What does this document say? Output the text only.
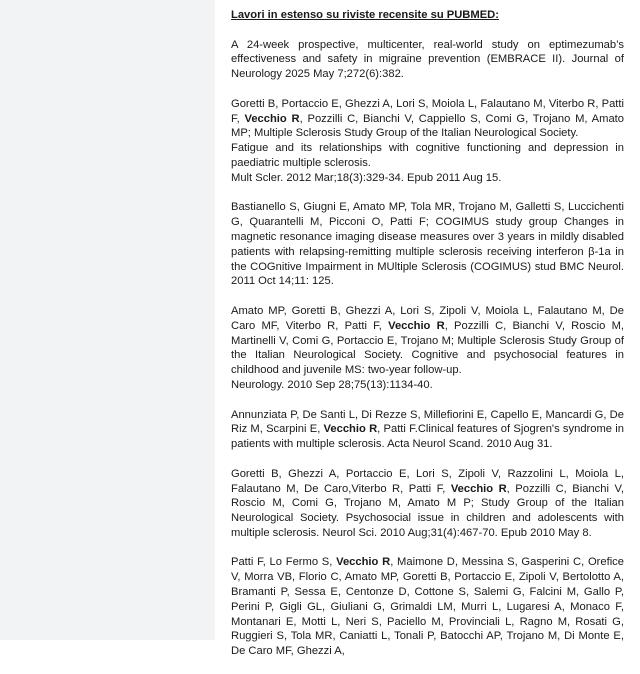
Lavori in estenso su riviste recensite su PUBMED:

A 24-week prospective, multicenter, real-world study on eptimezumab’s effectiveness and safety in migraine prevention (EMBRACE II). Journal of Neurology 2025 May 7;272(6):382.

Goretti B, Portaccio E, Ghezzi A, Lori S, Moiola L, Falautano M, Viterbo R, Patti F, Vecchio R, Pozzilli C, Bianchi V, Cappiello S, Comi G, Trojano M, Amato MP; Multiple Sclerosis Study Group of the Italian Neurological Society.

Fatigue and its relationships with cognitive functioning and depression in paediatric multiple sclerosis.

Mult Scler. 2012 Mar;18(3):329-34. Epub 2011 Aug 15.

Bastianello S, Giugni E, Amato MP, Tola MR, Trojano M, Galletti S, Luccichenti G, Quarantelli M, Picconi O, Patti F; COGIMUS study group Changes in magnetic resonance imaging disease measures over 3 years in mildly disabled patients with relapsing-remitting multiple sclerosis receiving interferon β-1a in the COGnitive Impairment in MUltiple Sclerosis (COGIMUS) stud BMC Neurol. 2011 Oct 14;11: 125.

Amato MP, Goretti B, Ghezzi A, Lori S, Zipoli V, Moiola L, Falautano M, De Caro MF, Viterbo R, Patti F, Vecchio R, Pozzilli C, Bianchi V, Roscio M, Martinelli V, Comi G, Portaccio E, Trojano M; Multiple Sclerosis Study Group of the Italian Neurological Society. Cognitive and psychosocial features in childhood and juvenile MS: two-year follow-up.

Neurology. 2010 Sep 28;75(13):1134-40.

Annunziata P, De Santi L, Di Rezze S, Millefiorini E, Capello E, Mancardi G, De Riz M, Scarpini E, Vecchio R, Patti F.Clinical features of Sjogren's syndrome in patients with multiple sclerosis. Acta Neurol Scand. 2010 Aug 31.

Goretti B, Ghezzi A, Portaccio E, Lori S, Zipoli V, Razzolini L, Moiola L, Falautano M, De Caro,Viterbo R, Patti F, Vecchio R, Pozzilli C, Bianchi V, Roscio M, Comi G, Trojano M, Amato M P; Study Group of the Italian Neurological Society. Psychosocial issue in children and adolescents with multiple sclerosis. Neurol Sci. 2010 Aug;31(4):467-70. Epub 2010 May 8.

Patti F, Lo Fermo S, Vecchio R, Maimone D, Messina S, Gasperini C, Orefice V, Morra VB, Florio C, Amato MP, Goretti B, Portaccio E, Zipoli V, Bertolotto A, Bramanti P, Sessa E, Centonze D, Cottone S, Salemi G, Falcini M, Gallo P, Perini P, Gigli GL, Giuliani G, Grimaldi LM, Murri L, Lugaresi A, Monaco F, Montanari E, Motti L, Neri S, Paciello M, Provinciali L, Ragno M, Rosati G, Ruggieri S, Tola MR, Caniatti L, Tonali P, Batocchi AP, Trojano M, Di Monte E, De Caro MF, Ghezzi A,
